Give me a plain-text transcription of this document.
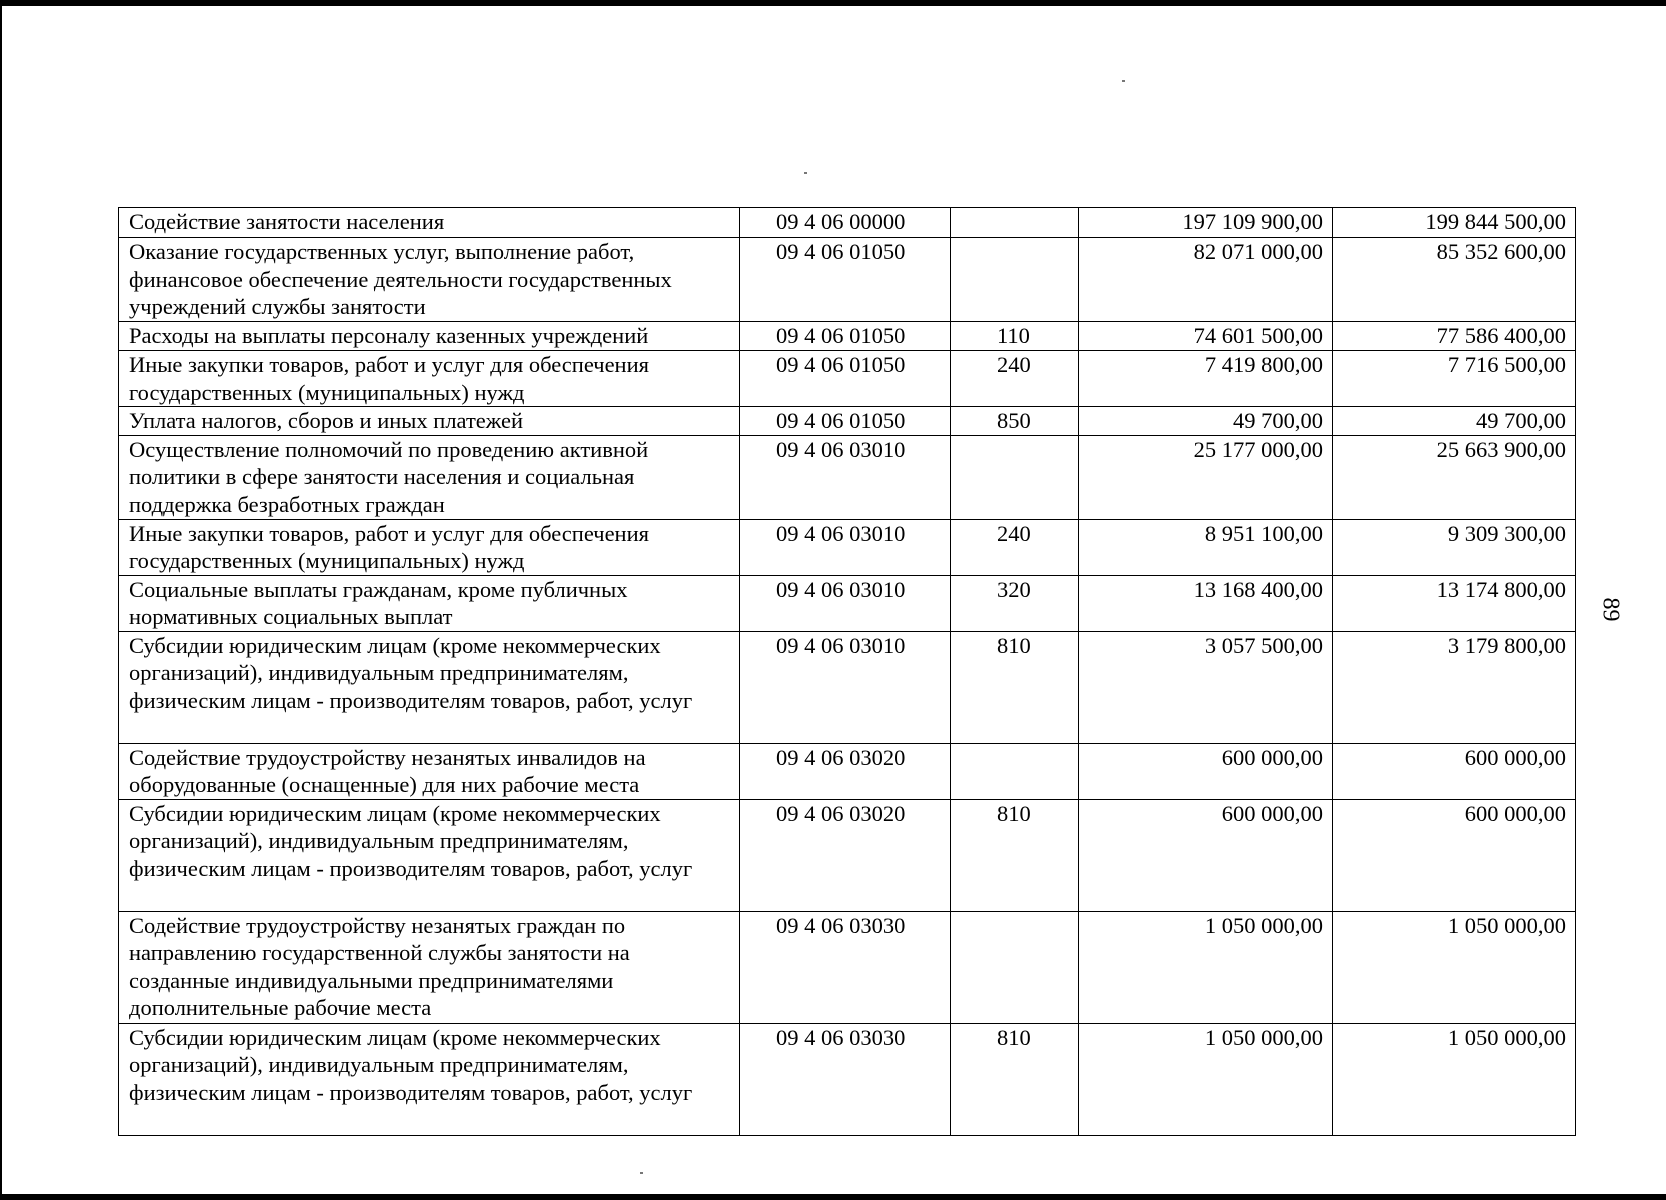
Содействие занятости населения	09 4 06 00000		197 109 900,00	199 844 500,00
Оказание государственных услуг, выполнение работ, финансовое обеспечение деятельности государственных учреждений службы занятости	09 4 06 01050		82 071 000,00	85 352 600,00
Расходы на выплаты персоналу казенных учреждений	09 4 06 01050	110	74 601 500,00	77 586 400,00
Иные закупки товаров, работ и услуг для обеспечения государственных (муниципальных) нужд	09 4 06 01050	240	7 419 800,00	7 716 500,00
Уплата налогов, сборов и иных платежей	09 4 06 01050	850	49 700,00	49 700,00
Осуществление полномочий по проведению активной политики в сфере занятости населения и социальная поддержка безработных граждан	09 4 06 03010		25 177 000,00	25 663 900,00
Иные закупки товаров, работ и услуг для обеспечения государственных (муниципальных) нужд	09 4 06 03010	240	8 951 100,00	9 309 300,00
Социальные выплаты гражданам, кроме публичных нормативных социальных выплат	09 4 06 03010	320	13 168 400,00	13 174 800,00
Субсидии юридическим лицам (кроме некоммерческих организаций), индивидуальным предпринимателям, физическим лицам - производителям товаров, работ, услуг	09 4 06 03010	810	3 057 500,00	3 179 800,00
Содействие трудоустройству незанятых инвалидов на оборудованные (оснащенные) для них рабочие места	09 4 06 03020		600 000,00	600 000,00
Субсидии юридическим лицам (кроме некоммерческих организаций), индивидуальным предпринимателям, физическим лицам - производителям товаров, работ, услуг	09 4 06 03020	810	600 000,00	600 000,00
Содействие трудоустройству незанятых граждан по направлению государственной службы занятости на созданные индивидуальными предпринимателями дополнительные рабочие места	09 4 06 03030		1 050 000,00	1 050 000,00
Субсидии юридическим лицам (кроме некоммерческих организаций), индивидуальным предпринимателям, физическим лицам - производителям товаров, работ, услуг	09 4 06 03030	810	1 050 000,00	1 050 000,00
89
